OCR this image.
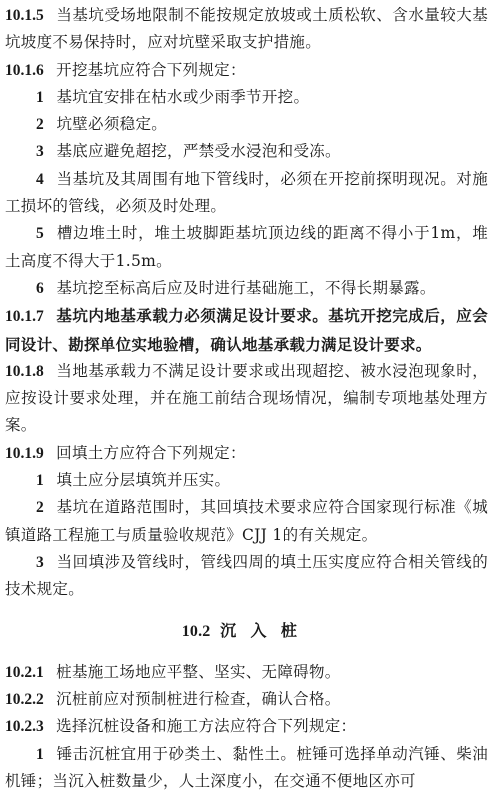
10.1.5 当基坑受场地限制不能按规定放坡或土质松软、含水量较大基坑坡度不易保持时，应对坑壁采取支护措施。

10.1.6 开挖基坑应符合下列规定：

1 基坑宜安排在枯水或少雨季节开挖。

2 坑壁必须稳定。

3 基底应避免超挖，严禁受水浸泡和受冻。

4 当基坑及其周围有地下管线时，必须在开挖前探明现况。对施工损坏的管线，必须及时处理。

5 槽边堆土时，堆土坡脚距基坑顶边线的距离不得小于1m，堆土高度不得大于1.5m。

6 基坑挖至标高后应及时进行基础施工，不得长期暴露。

10.1.7 基坑内地基承载力必须满足设计要求。基坑开挖完成后，应会同设计、勘探单位实地验槽，确认地基承载力满足设计要求。

10.1.8 当地基承载力不满足设计要求或出现超挖、被水浸泡现象时，应按设计要求处理，并在施工前结合现场情况，编制专项地基处理方案。

10.1.9 回填土方应符合下列规定：

1 填土应分层填筑并压实。

2 基坑在道路范围时，其回填技术要求应符合国家现行标准《城镇道路工程施工与质量验收规范》CJJ 1的有关规定。

3 当回填涉及管线时，管线四周的填土压实度应符合相关管线的技术规定。

10.2 沉入桩

10.2.1 桩基施工场地应平整、坚实、无障碍物。

10.2.2 沉桩前应对预制桩进行检查，确认合格。

10.2.3 选择沉桩设备和施工方法应符合下列规定：

1 锤击沉桩宜用于砂类土、黏性土。桩锤可选择单动汽锤、柴油机锤；当沉入桩数量少，人土深度小，在交通不便地区亦可
